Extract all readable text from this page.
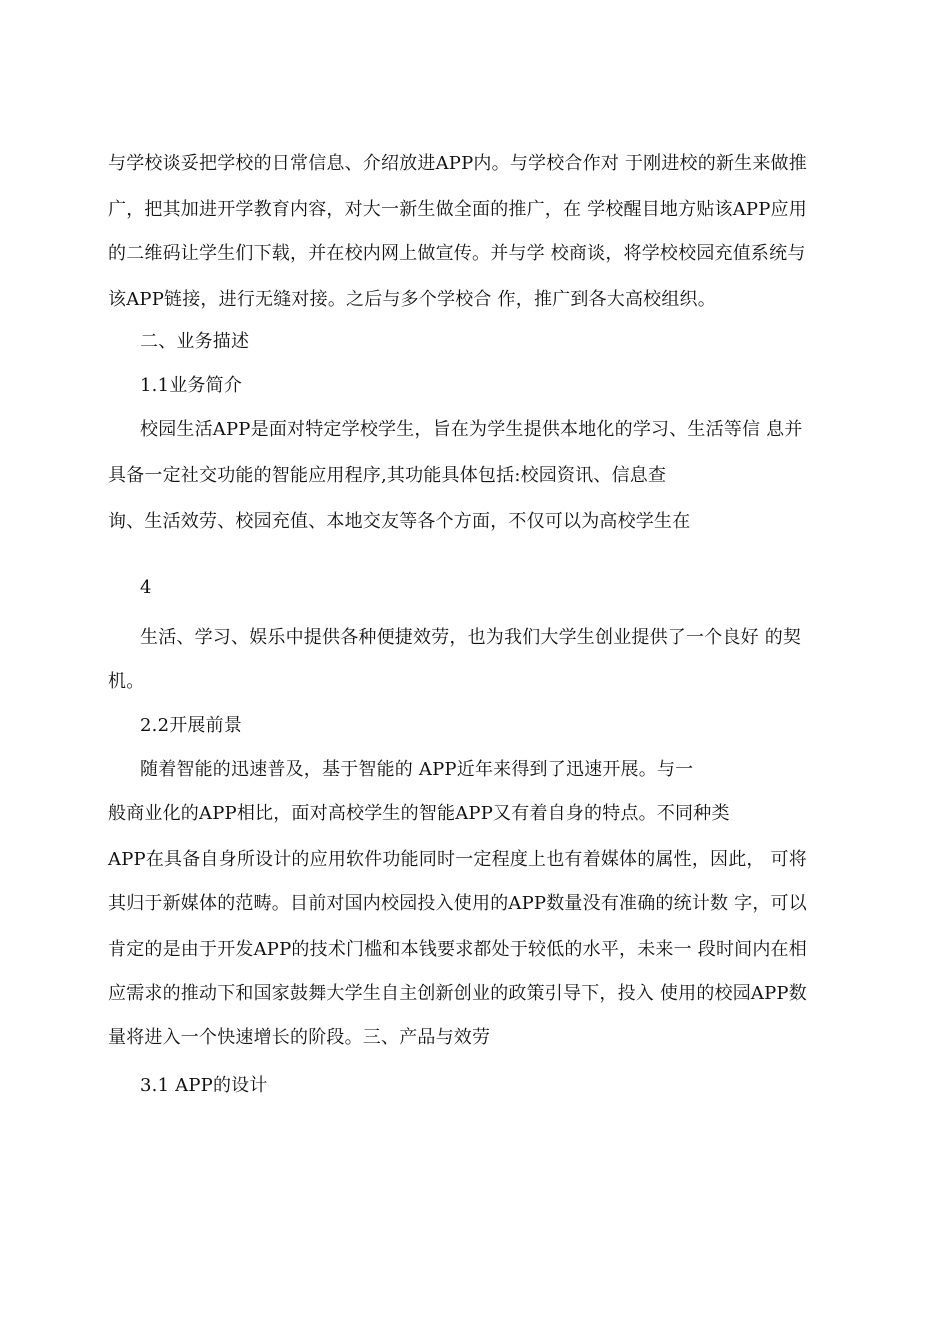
与学校谈妥把学校的日常信息、介绍放进APP内。与学校合作对 于刚进校的新生来做推
广，把其加进开学教育内容，对大一新生做全面的推广，在 学校醒目地方贴该APP应用
的二维码让学生们下载，并在校内网上做宣传。并与学 校商谈，将学校校园充值系统与
该APP链接，进行无缝对接。之后与多个学校合 作，推广到各大高校组织。
二、业务描述
1.1业务简介
校园生活APP是面对特定学校学生，旨在为学生提供本地化的学习、生活等信 息并
具备一定社交功能的智能应用程序,其功能具体包括:校园资讯、信息查
询、生活效劳、校园充值、本地交友等各个方面，不仅可以为高校学生在
4
生活、学习、娱乐中提供各种便捷效劳，也为我们大学生创业提供了一个良好 的契
机。
2.2开展前景
随着智能的迅速普及，基于智能的 APP近年来得到了迅速开展。与一
般商业化的APP相比，面对高校学生的智能APP又有着自身的特点。不同种类
APP在具备自身所设计的应用软件功能同时一定程度上也有着媒体的属性，因此， 可将
其归于新媒体的范畴。目前对国内校园投入使用的APP数量没有准确的统计数 字，可以
肯定的是由于开发APP的技术门槛和本钱要求都处于较低的水平，未来一 段时间内在相
应需求的推动下和国家鼓舞大学生自主创新创业的政策引导下，投入 使用的校园APP数
量将进入一个快速增长的阶段。三、产品与效劳
3.1 APP的设计
